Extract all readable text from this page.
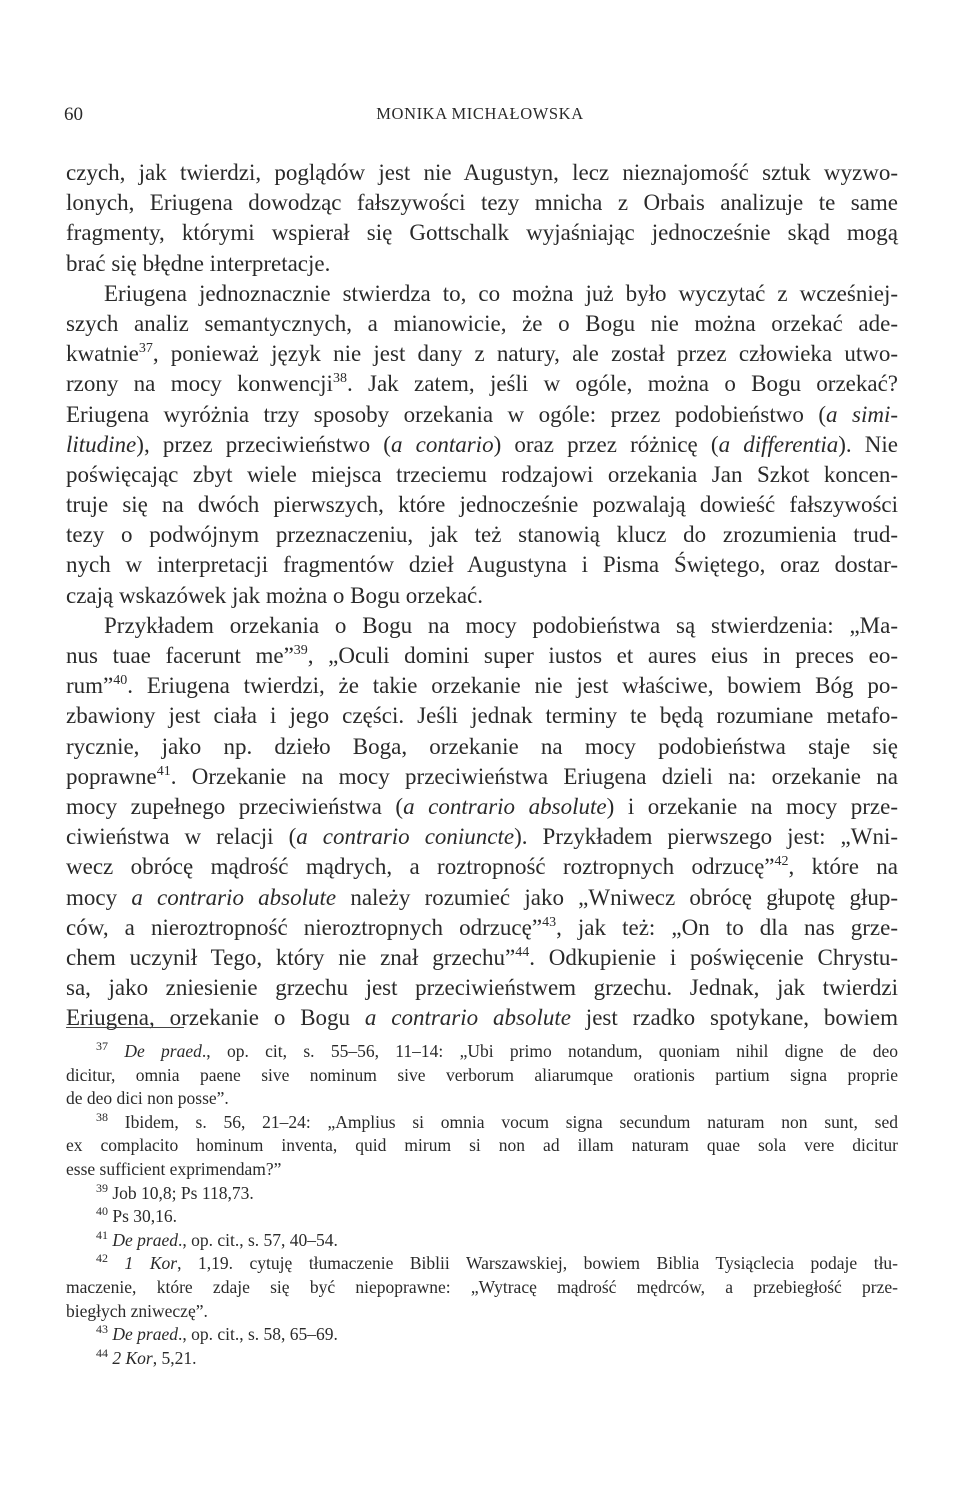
60	MONIKA MICHAŁOWSKA
czych, jak twierdzi, poglądów jest nie Augustyn, lecz nieznajomość sztuk wyzwo-
lonych, Eriugena dowodząc fałszywości tezy mnicha z Orbais analizuje te same
fragmenty, którymi wspierał się Gottschalk wyjaśniając jednocześnie skąd mogą
brać się błędne interpretacje.
Eriugena jednoznacznie stwierdza to, co można już było wyczytać z wcześniej-
szych analiz semantycznych, a mianowicie, że o Bogu nie można orzekać ade-
kwatnie$^{37}$, ponieważ język nie jest dany z natury, ale został przez człowieka utwo-
rzony na mocy konwencji$^{38}$. Jak zatem, jeśli w ogóle, można o Bogu orzekać?
Eriugena wyróżnia trzy sposoby orzekania w ogóle: przez podobieństwo (a simi-
litudine), przez przeciwieństwo (a contario) oraz przez różnicę (a differentia). Nie
poświęcając zbyt wiele miejsca trzeciemu rodzajowi orzekania Jan Szkot koncen-
truje się na dwóch pierwszych, które jednocześnie pozwalają dowieść fałszywości
tezy o podwójnym przeznaczeniu, jak też stanowią klucz do zrozumienia trud-
nych w interpretacji fragmentów dzieł Augustyna i Pisma Świętego, oraz dostar-
czają wskazówek jak można o Bogu orzekać.
Przykładem orzekania o Bogu na mocy podobieństwa są stwierdzenia: „Ma-
nus tuae facerunt me”$^{39}$, „Oculi domini super iustos et aures eius in preces eo-
rum”$^{40}$. Eriugena twierdzi, że takie orzekanie nie jest właściwe, bowiem Bóg po-
zbawiony jest ciała i jego części. Jeśli jednak terminy te będą rozumiane metafo-
rycznie, jako np. dzieło Boga, orzekanie na mocy podobieństwa staje się
poprawne$^{41}$. Orzekanie na mocy przeciwieństwa Eriugena dzieli na: orzekanie na
mocy zupełnego przeciwieństwa (a contrario absolute) i orzekanie na mocy prze-
ciwieństwa w relacji (a contrario coniuncte). Przykładem pierwszego jest: „Wni-
wecz obrócę mądrość mądrych, a roztropność roztropnych odrzucę”$^{42}$, które na
mocy a contrario absolute należy rozumieć jako „Wniwecz obrócę głupotę głup-
ców, a nieroztropność nieroztropnych odrzucę”$^{43}$, jak też: „On to dla nas grze-
chem uczynił Tego, który nie znał grzechu”$^{44}$. Odkupienie i poświęcenie Chrystu-
sa, jako zniesienie grzechu jest przeciwieństwem grzechu. Jednak, jak twierdzi
Eriugena, orzekanie o Bogu a contrario absolute jest rzadko spotykane, bowiem
$^{37}$ De praed., op. cit, s. 55–56, 11–14: „Ubi primo notandum, quoniam nihil digne de deo
dicitur, omnia paene sive nominum sive verborum aliarumque orationis partium signa proprie
de deo dici non posse”.
$^{38}$ Ibidem, s. 56, 21–24: „Amplius si omnia vocum signa secundum naturam non sunt, sed
ex complacito hominum inventa, quid mirum si non ad illam naturam quae sola vere dicitur
esse sufficient exprimendam?”
$^{39}$ Job 10,8; Ps 118,73.
$^{40}$ Ps 30,16.
$^{41}$ De praed., op. cit., s. 57, 40–54.
$^{42}$ 1 Kor, 1,19. cytuję tłumaczenie Biblii Warszawskiej, bowiem Biblia Tysiąclecia podaje tłu-
maczenie, które zdaje się być niepoprawne: „Wytracę mądrość mędrców, a przebiegłość prze-
biegłych zniweczę”.
$^{43}$ De praed., op. cit., s. 58, 65–69.
$^{44}$ 2 Kor, 5,21.
